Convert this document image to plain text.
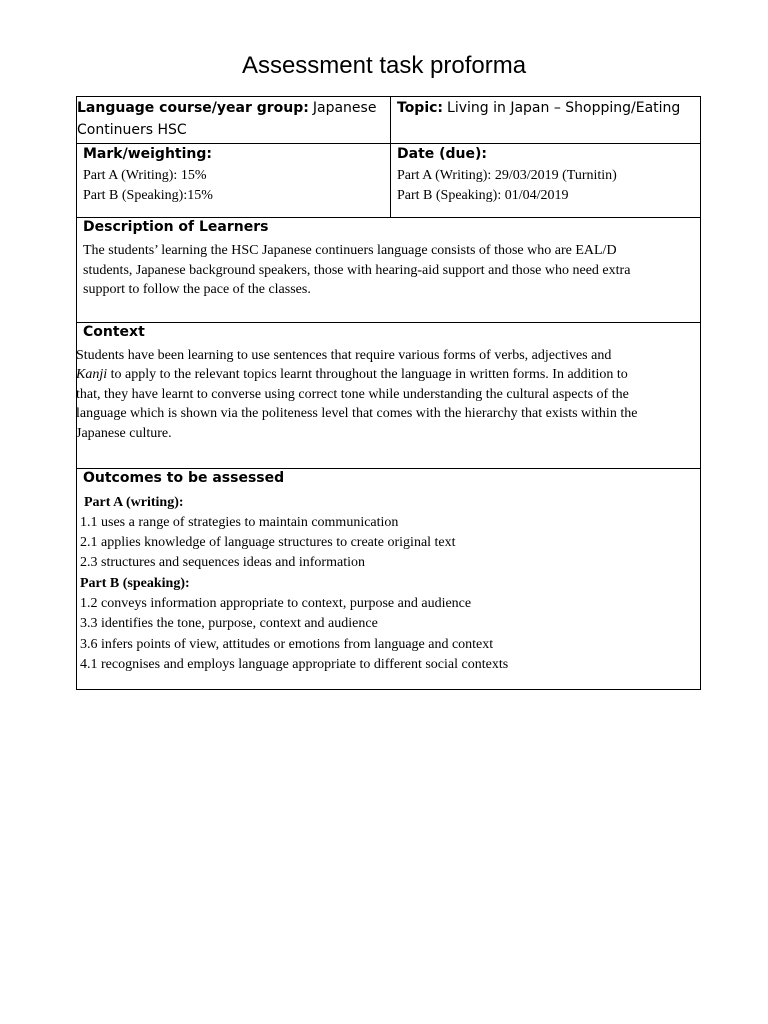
Assessment task proforma
Language course/year group: Japanese
Continuers HSC
Topic: Living in Japan – Shopping/Eating
Mark/weighting:
Part A (Writing): 15%
Part B (Speaking):15%
Date (due):
Part A (Writing): 29/03/2019 (Turnitin)
Part B (Speaking): 01/04/2019
Description of Learners
The students’ learning the HSC Japanese continuers language consists of those who are EAL/D
students, Japanese background speakers, those with hearing-aid support and those who need extra
support to follow the pace of the classes.
Context
Students have been learning to use sentences that require various forms of verbs, adjectives and
Kanji to apply to the relevant topics learnt throughout the language in written forms. In addition to
that, they have learnt to converse using correct tone while understanding the cultural aspects of the
language which is shown via the politeness level that comes with the hierarchy that exists within the
Japanese culture.
Outcomes to be assessed
Part A (writing):
1.1 uses a range of strategies to maintain communication
2.1 applies knowledge of language structures to create original text
2.3 structures and sequences ideas and information
Part B (speaking):
1.2 conveys information appropriate to context, purpose and audience
3.3 identifies the tone, purpose, context and audience
3.6 infers points of view, attitudes or emotions from language and context
4.1 recognises and employs language appropriate to different social contexts
